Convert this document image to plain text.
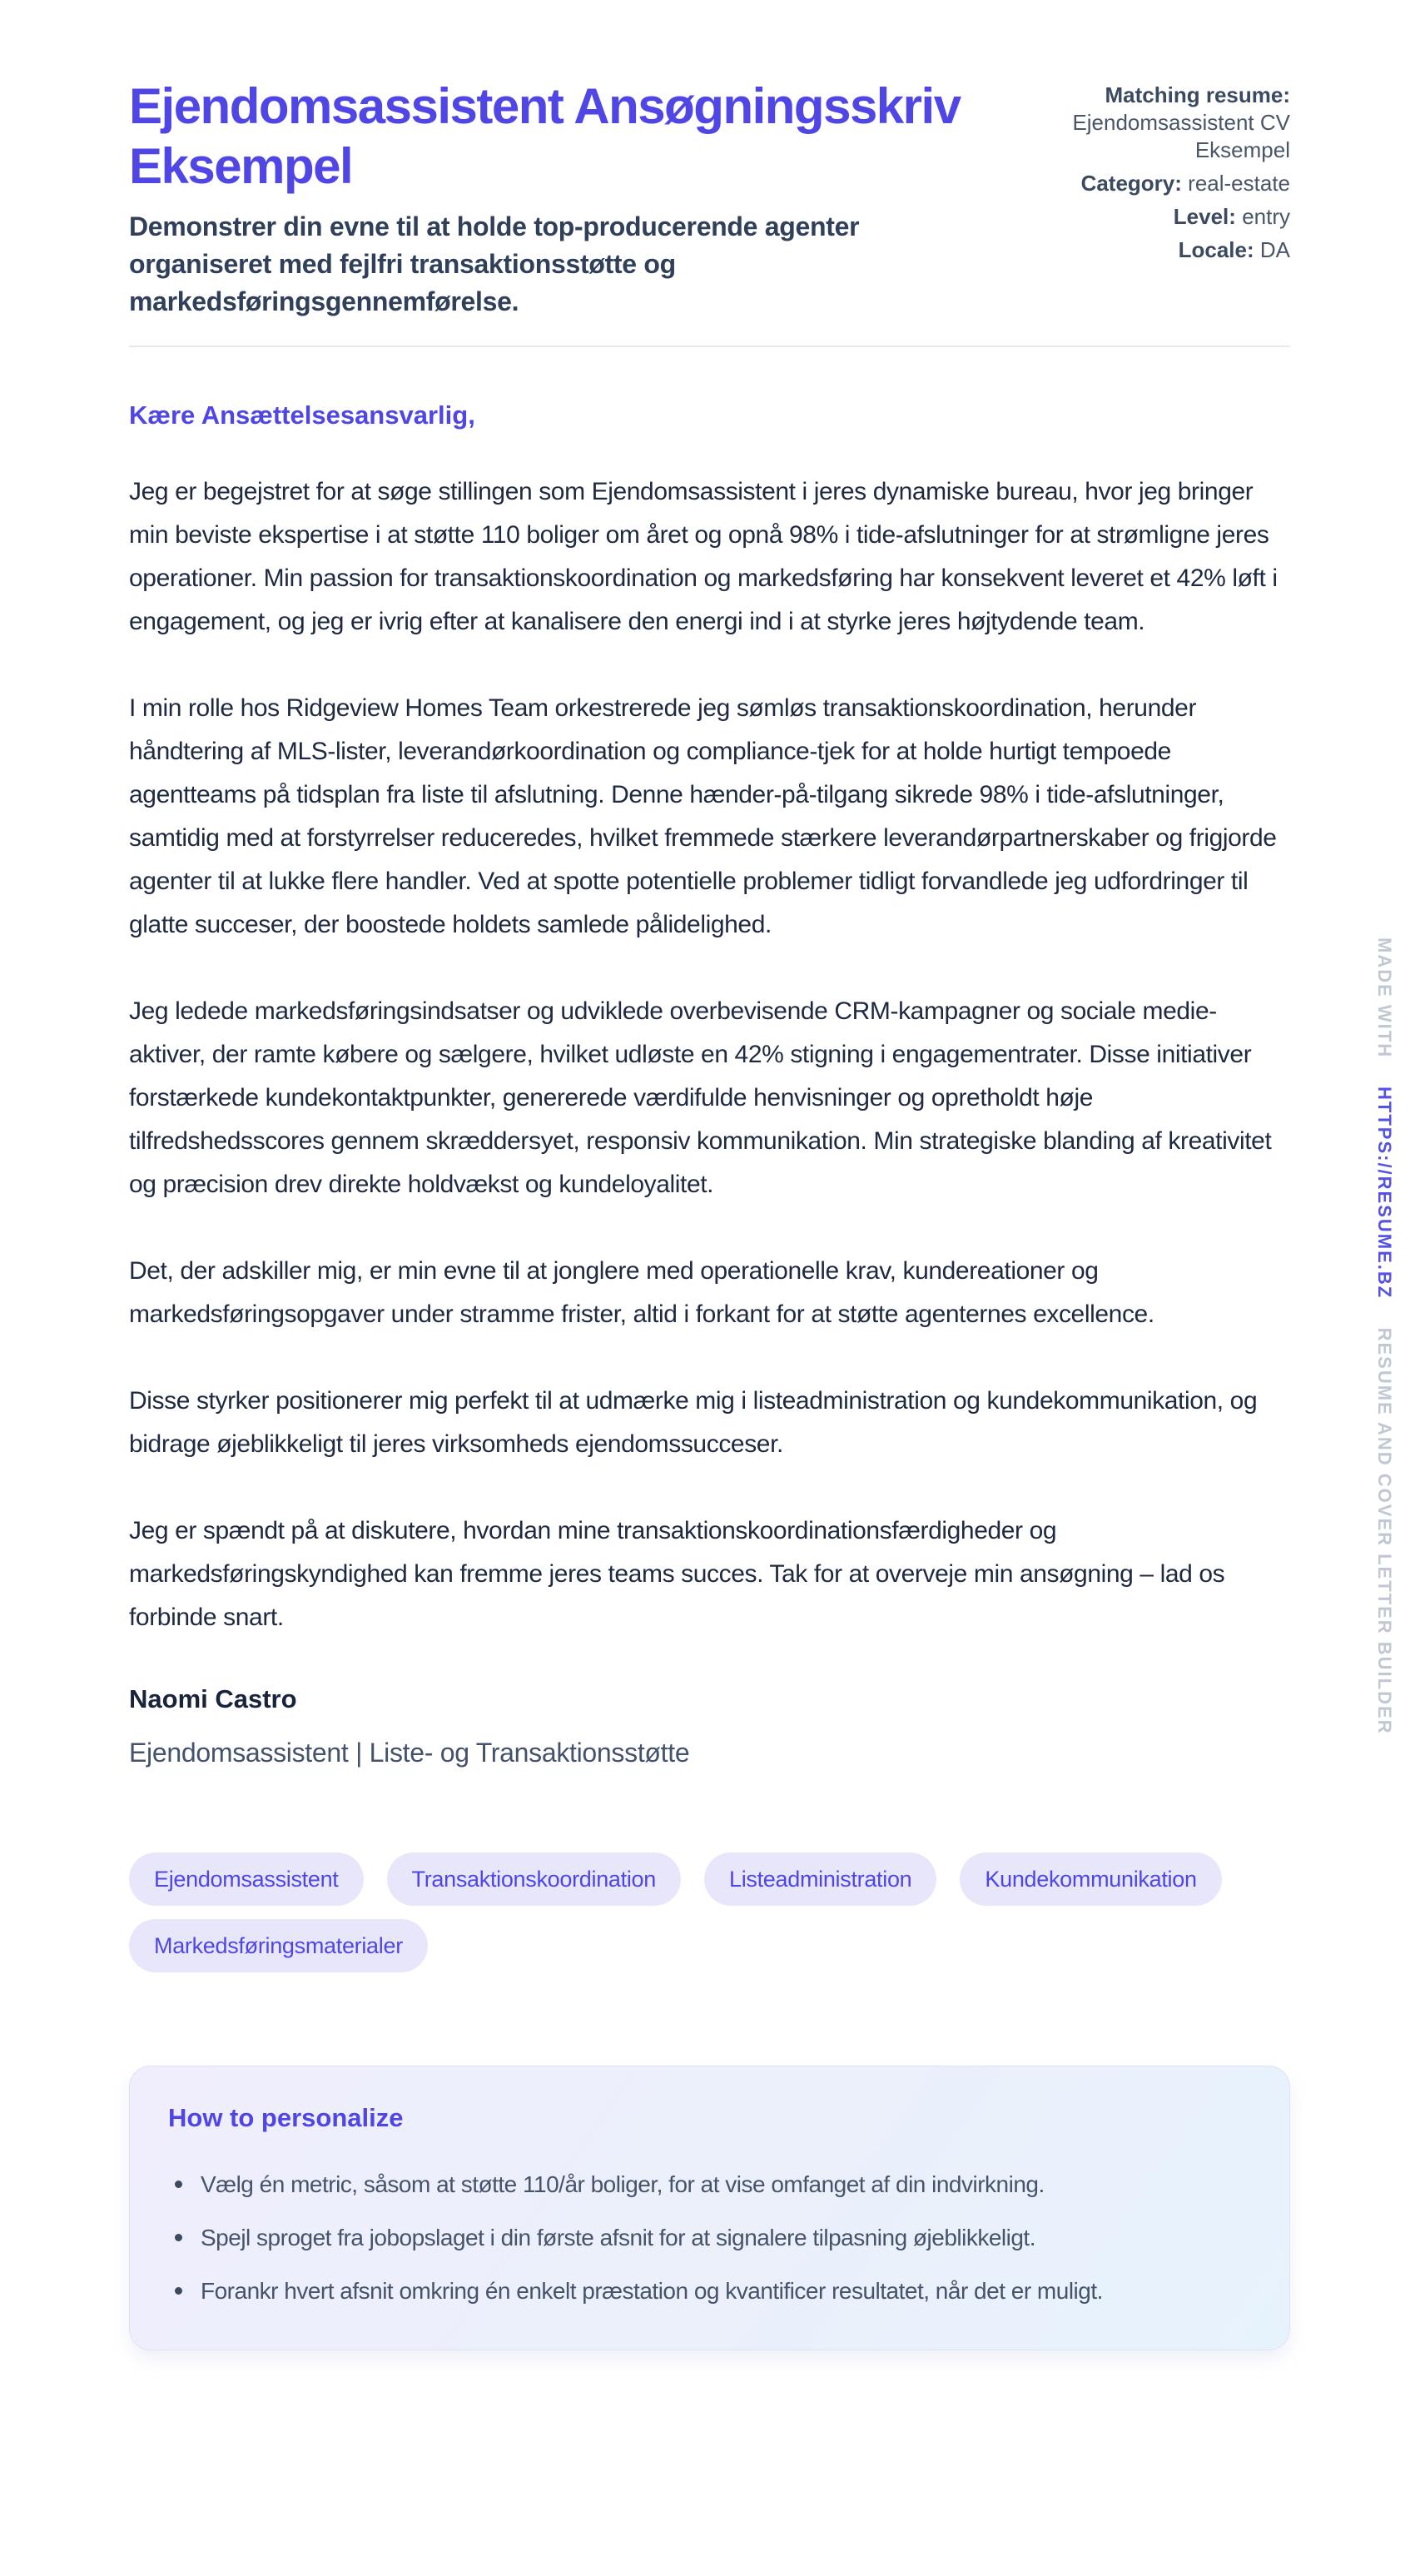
Ejendomsassistent Ansøgningsskriv Eksempel

Demonstrer din evne til at holde top-producerende agenter organiseret med fejlfri transaktionsstøtte og markedsføringsgennemførelse.

Matching resume: Ejendomsassistent CV Eksempel
Category: real-estate
Level: entry
Locale: DA

Kære Ansættelsesansvarlig,

Jeg er begejstret for at søge stillingen som Ejendomsassistent i jeres dynamiske bureau, hvor jeg bringer min beviste ekspertise i at støtte 110 boliger om året og opnå 98% i tide-afslutninger for at strømligne jeres operationer. Min passion for transaktionskoordination og markedsføring har konsekvent leveret et 42% løft i engagement, og jeg er ivrig efter at kanalisere den energi ind i at styrke jeres højtydende team.

I min rolle hos Ridgeview Homes Team orkestrerede jeg sømløs transaktionskoordination, herunder håndtering af MLS-lister, leverandørkoordination og compliance-tjek for at holde hurtigt tempoede agentteams på tidsplan fra liste til afslutning. Denne hænder-på-tilgang sikrede 98% i tide-afslutninger, samtidig med at forstyrrelser reduceredes, hvilket fremmede stærkere leverandørpartnerskaber og frigjorde agenter til at lukke flere handler. Ved at spotte potentielle problemer tidligt forvandlede jeg udfordringer til glatte succeser, der boostede holdets samlede pålidelighed.

Jeg ledede markedsføringsindsatser og udviklede overbevisende CRM-kampagner og sociale medie-aktiver, der ramte købere og sælgere, hvilket udløste en 42% stigning i engagementrater. Disse initiativer forstærkede kundekontaktpunkter, genererede værdifulde henvisninger og opretholdt høje tilfredshedsscores gennem skræddersyet, responsiv kommunikation. Min strategiske blanding af kreativitet og præcision drev direkte holdvækst og kundeloyalitet.

Det, der adskiller mig, er min evne til at jonglere med operationelle krav, kundereationer og markedsføringsopgaver under stramme frister, altid i forkant for at støtte agenternes excellence.

Disse styrker positionerer mig perfekt til at udmærke mig i listeadministration og kundekommunikation, og bidrage øjeblikkeligt til jeres virksomheds ejendomssucceser.

Jeg er spændt på at diskutere, hvordan mine transaktionskoordinationsfærdigheder og markedsføringskyndighed kan fremme jeres teams succes. Tak for at overveje min ansøgning – lad os forbinde snart.

Naomi Castro

Ejendomsassistent | Liste- og Transaktionsstøtte

Ejendomsassistent	Transaktionskoordination	Listeadministration	Kundekommunikation
Markedsføringsmaterialer
How to personalize
Vælg én metric, såsom at støtte 110/år boliger, for at vise omfanget af din indvirkning.
Spejl sproget fra jobopslaget i din første afsnit for at signalere tilpasning øjeblikkeligt.
Forankr hvert afsnit omkring én enkelt præstation og kvantificer resultatet, når det er muligt.
MADE WITH HTTPS://RESUME.BZ RESUME AND COVER LETTER BUILDER
